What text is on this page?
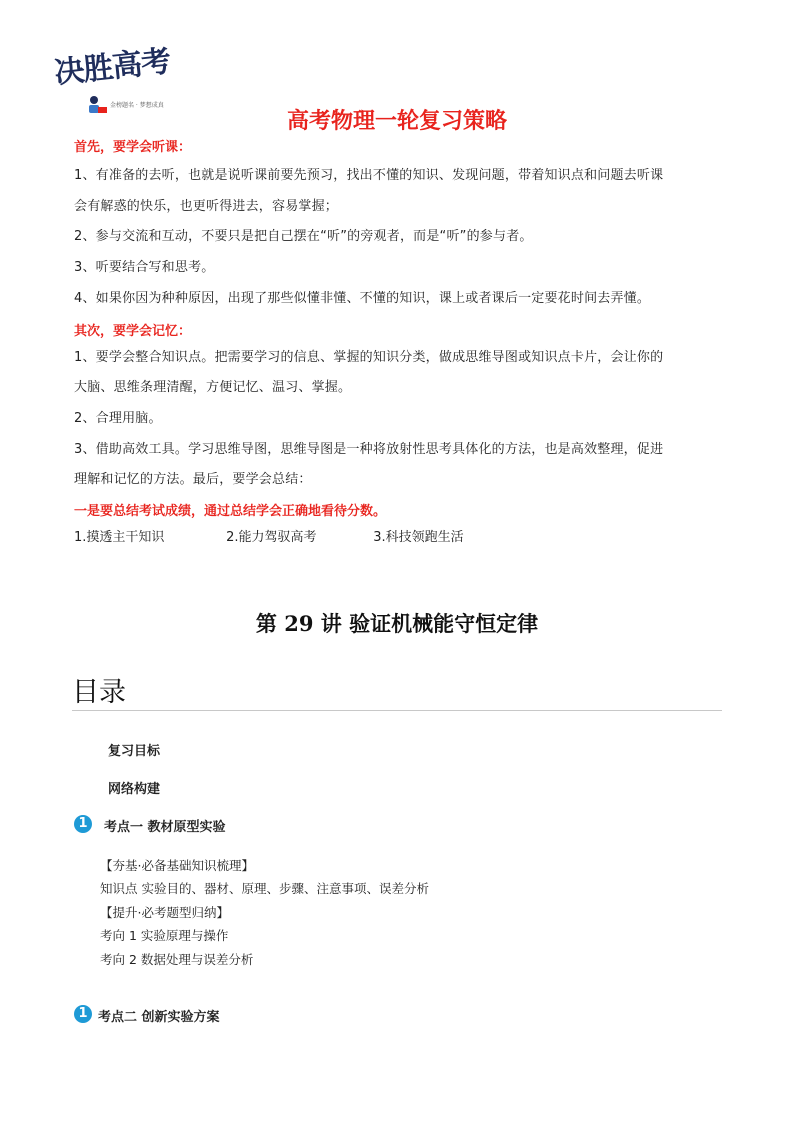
决胜高考
金榜题名 · 梦想成真
高考物理一轮复习策略
首先，要学会听课：
1、有准备的去听，也就是说听课前要先预习，找出不懂的知识、发现问题，带着知识点和问题去听课
会有解惑的快乐，也更听得进去，容易掌握；
2、参与交流和互动，不要只是把自己摆在“听”的旁观者，而是“听”的参与者。
3、听要结合写和思考。
4、如果你因为种种原因，出现了那些似懂非懂、不懂的知识，课上或者课后一定要花时间去弄懂。
其次，要学会记忆：
1、要学会整合知识点。把需要学习的信息、掌握的知识分类，做成思维导图或知识点卡片，会让你的
大脑、思维条理清醒，方便记忆、温习、掌握。
2、合理用脑。
3、借助高效工具。学习思维导图，思维导图是一种将放射性思考具体化的方法，也是高效整理，促进
理解和记忆的方法。最后，要学会总结：
一是要总结考试成绩，通过总结学会正确地看待分数。
1.摸透主干知识	2.能力驾驭高考	3.科技领跑生活
第 29 讲 验证机械能守恒定律
目录
复习目标
网络构建
1	考点一 教材原型实验
【夯基·必备基础知识梳理】
知识点 实验目的、器材、原理、步骤、注意事项、误差分析
【提升·必考题型归纳】
考向 1 实验原理与操作
考向 2 数据处理与误差分析
1 考点二 创新实验方案
